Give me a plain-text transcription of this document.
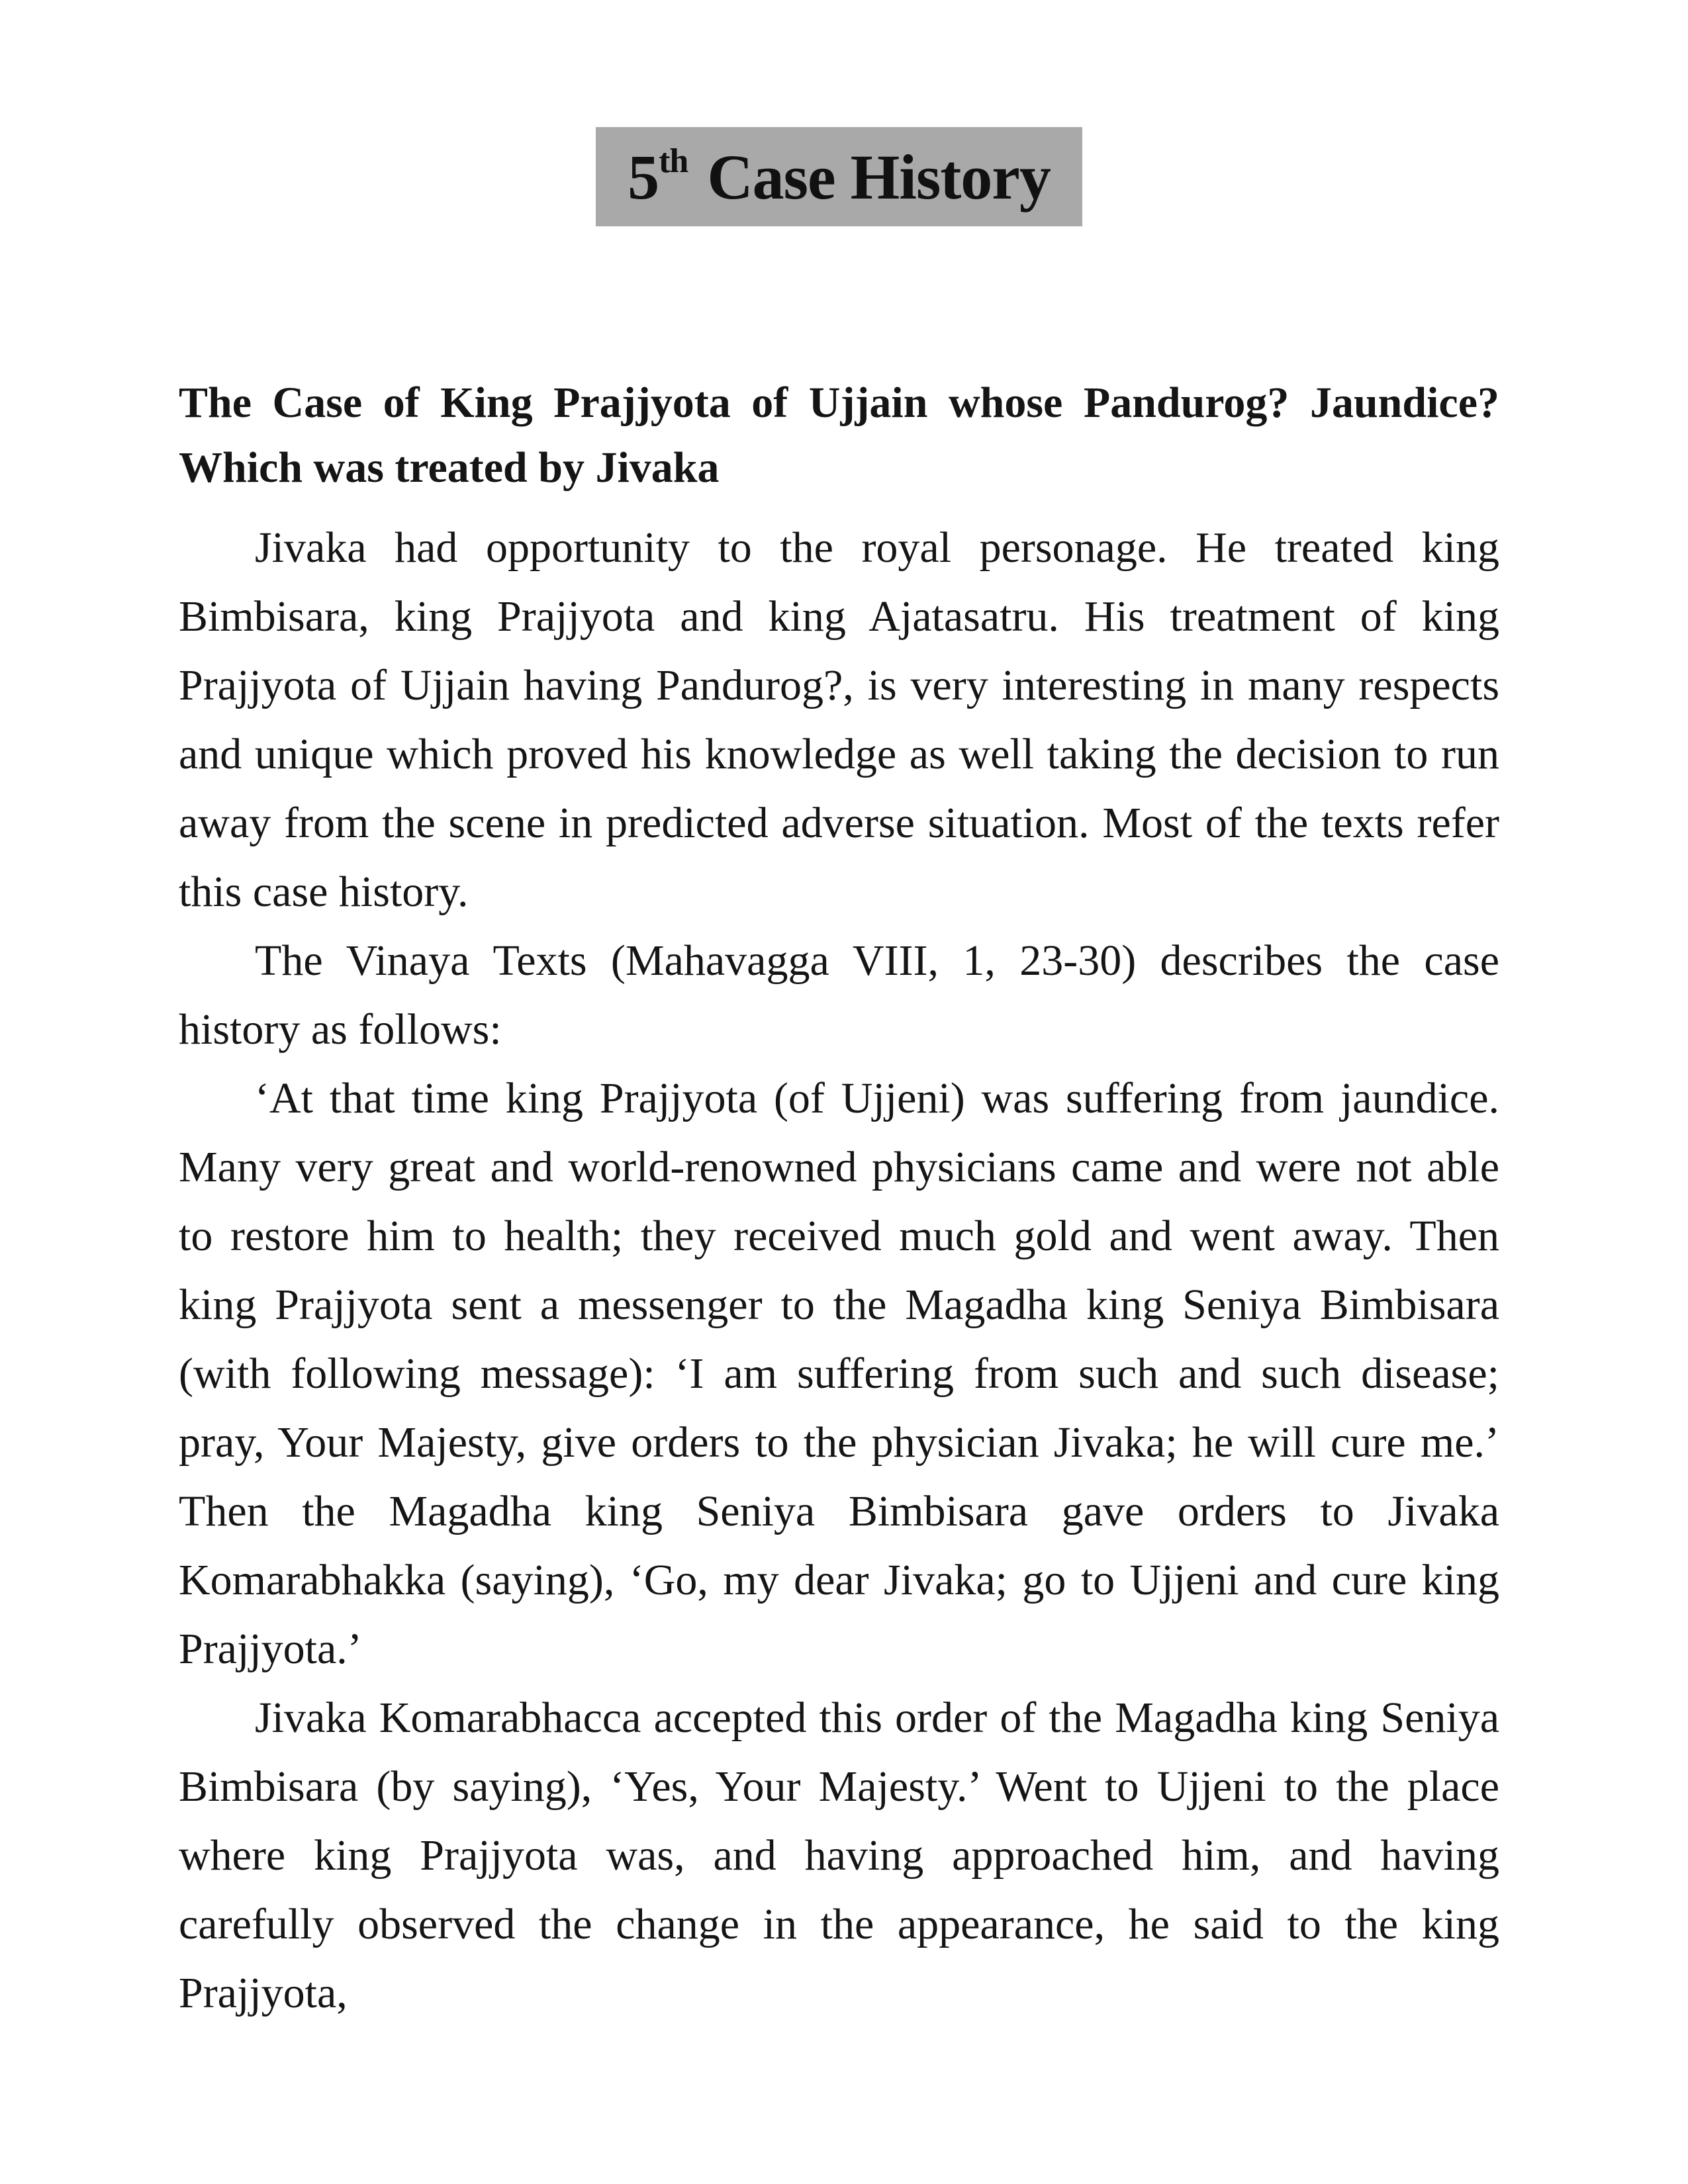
5th Case History
The Case of King Prajjyota of Ujjain whose Pandurog? Jaundice? Which was treated by Jivaka

Jivaka had opportunity to the royal personage. He treated king Bimbisara, king Prajjyota and king Ajatasatru. His treatment of king Prajjyota of Ujjain having Pandurog?, is very interesting in many respects and unique which proved his knowledge as well taking the decision to run away from the scene in predicted adverse situation. Most of the texts refer this case history.

The Vinaya Texts (Mahavagga VIII, 1, 23-30) describes the case history as follows:

‘At that time king Prajjyota (of Ujjeni) was suffering from jaundice. Many very great and world-renowned physicians came and were not able to restore him to health; they received much gold and went away. Then king Prajjyota sent a messenger to the Magadha king Seniya Bimbisara (with following message): ‘I am suffering from such and such disease; pray, Your Majesty, give orders to the physician Jivaka; he will cure me.’ Then the Magadha king Seniya Bimbisara gave orders to Jivaka Komarabhakka (saying), ‘Go, my dear Jivaka; go to Ujjeni and cure king Prajjyota.’

Jivaka Komarabhacca accepted this order of the Magadha king Seniya Bimbisara (by saying), ‘Yes, Your Majesty.’ Went to Ujjeni to the place where king Prajjyota was, and having approached him, and having carefully observed the change in the appearance, he said to the king Prajjyota,
